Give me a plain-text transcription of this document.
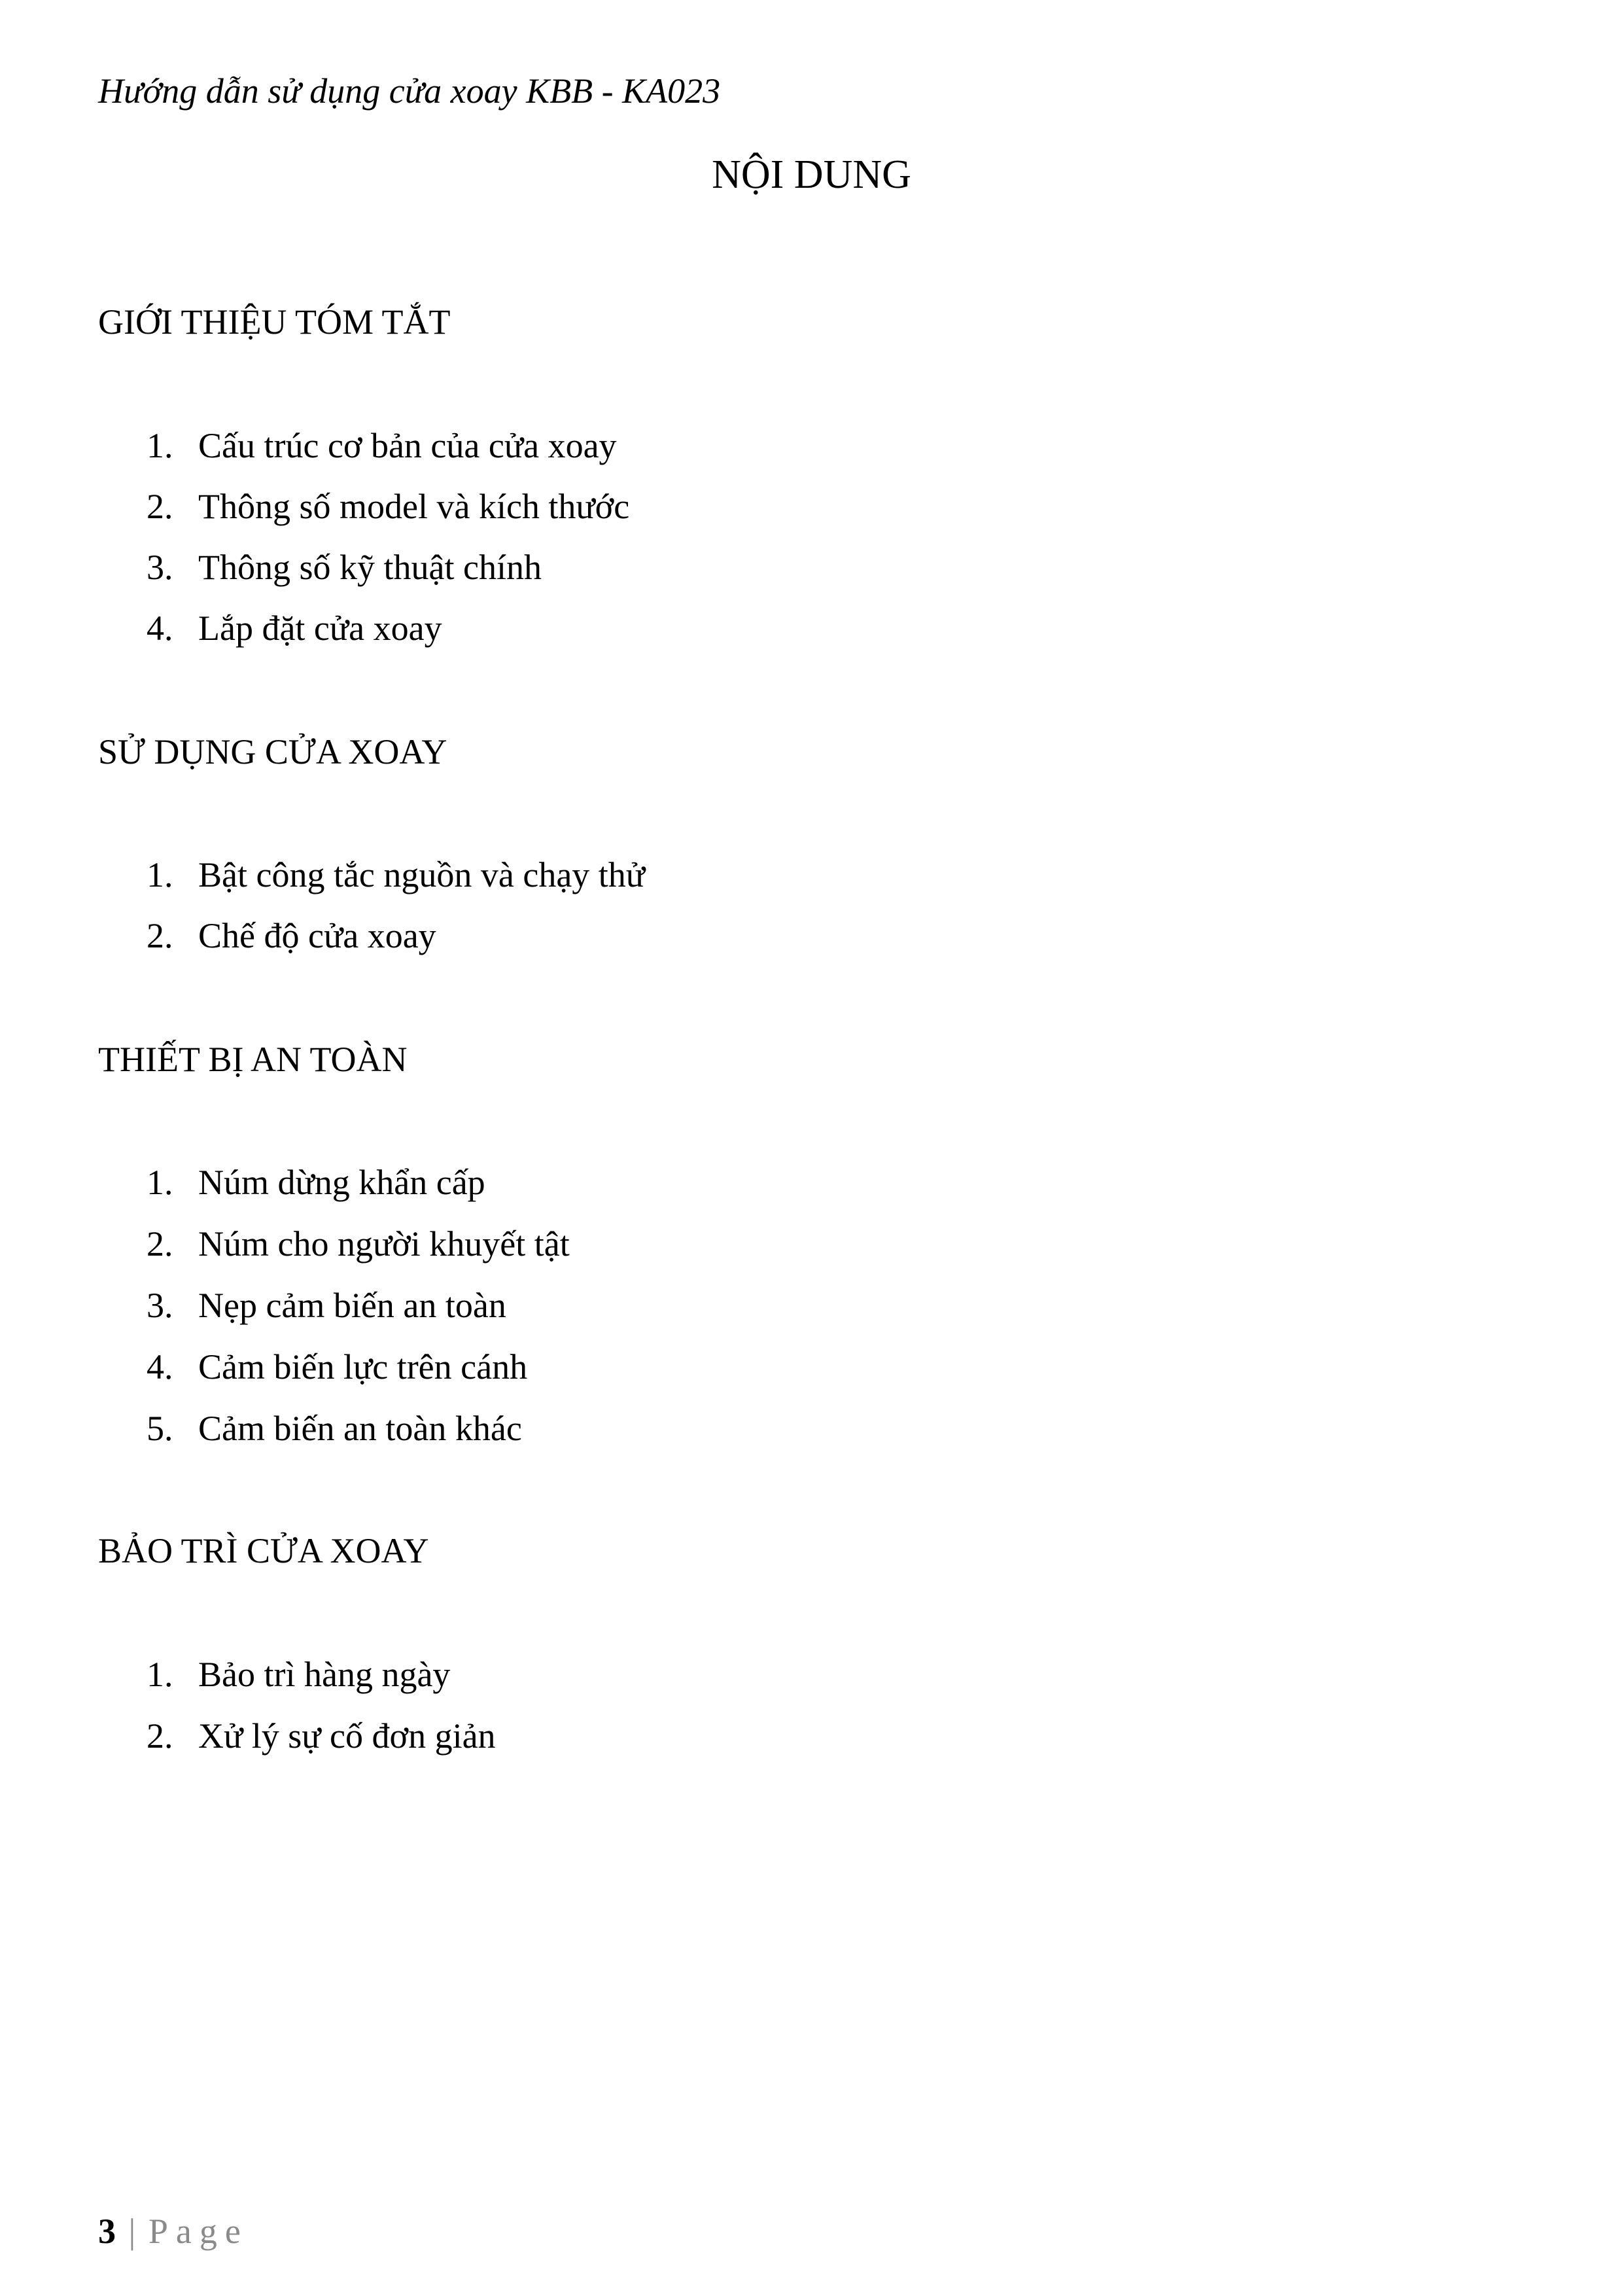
Hướng dẫn sử dụng cửa xoay KBB - KA023
NỘI DUNG
GIỚI THIỆU TÓM TẮT
1. Cấu trúc cơ bản của cửa xoay
2. Thông số model và kích thước
3. Thông số kỹ thuật chính
4. Lắp đặt cửa xoay
SỬ DỤNG CỬA XOAY
1. Bật công tắc nguồn và chạy thử
2. Chế độ cửa xoay
THIẾT BỊ AN TOÀN
1. Núm dừng khẩn cấp
2. Núm cho người khuyết tật
3. Nẹp cảm biến an toàn
4. Cảm biến lực trên cánh
5. Cảm biến an toàn khác
BẢO TRÌ CỬA XOAY
1. Bảo trì hàng ngày
2. Xử lý sự cố đơn giản
3 | Page
